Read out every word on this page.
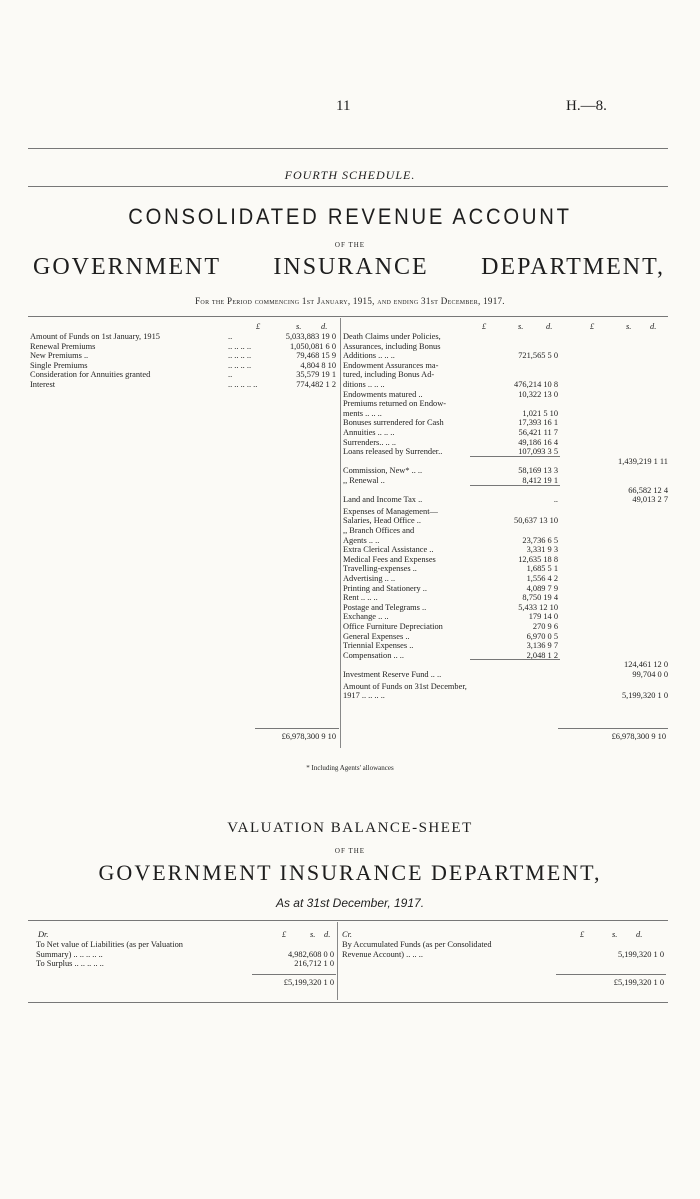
11	H.—8.
FOURTH SCHEDULE.
CONSOLIDATED REVENUE ACCOUNT
OF THE
GOVERNMENT INSURANCE DEPARTMENT,
For the Period commencing 1st January, 1915, and ending 31st December, 1917.
£	s. d.	£	s.	d.	£	s. d.
Amount of Funds on 1st January, 1915	..	5,033,883 19 0
Renewal Premiums	.. .. .. ..	1,050,081 6 0
New Premiums ..	.. .. .. ..	79,468 15 9
Single Premiums	.. .. .. ..	4,804 8 10
Consideration for Annuities granted	..	35,579 19 1
Interest	.. .. .. .. ..	774,482 1 2
£6,978,300 9 10
Death Claims under Policies,
Assurances, including Bonus
Additions .. .. ..	721,565 5 0
Endowment Assurances ma-
tured, including Bonus Ad-
ditions .. .. ..	476,214 10 8
Endowments matured ..	10,322 13 0
Premiums returned on Endow-
ments .. .. ..	1,021 5 10
Bonuses surrendered for Cash	17,393 16 1
Annuities .. .. ..	56,421 11 7
Surrenders.. .. ..	49,186 16 4
Loans released by Surrender..	107,093 3 5
1,439,219 1 11
Commission, New* .. ..	58,169 13 3
,, Renewal ..	8,412 19 1
66,582 12 4
Land and Income Tax ..	..	49,013 2 7
Expenses of Management—
Salaries, Head Office ..	50,637 13 10
,, Branch Offices and
Agents .. ..	23,736 6 5
Extra Clerical Assistance ..	3,331 9 3
Medical Fees and Expenses	12,635 18 8
Travelling-expenses ..	1,685 5 1
Advertising .. ..	1,556 4 2
Printing and Stationery ..	4,089 7 9
Rent .. .. ..	8,750 19 4
Postage and Telegrams ..	5,433 12 10
Exchange .. ..	179 14 0
Office Furniture Depreciation	270 9 6
General Expenses ..	6,970 0 5
Triennial Expenses ..	3,136 9 7
Compensation .. ..	2,048 1 2
124,461 12 0
Investment Reserve Fund .. ..	99,704 0 0
Amount of Funds on 31st December,
1917 .. .. .. ..	5,199,320 1 0
£6,978,300 9 10
* Including Agents' allowances
VALUATION BALANCE-SHEET
OF THE
GOVERNMENT INSURANCE DEPARTMENT,
As at 31st December, 1917.
Dr.	£	s. d. Cr.	£	s. d.
To Net value of Liabilities (as per Valuation
Summary) .. .. .. .. ..	4,982,608 0 0
To Surplus .. .. .. .. ..	216,712 1 0
By Accumulated Funds (as per Consolidated
Revenue Account) .. .. ..	5,199,320 1 0
£5,199,320 1 0	£5,199,320 1 0
